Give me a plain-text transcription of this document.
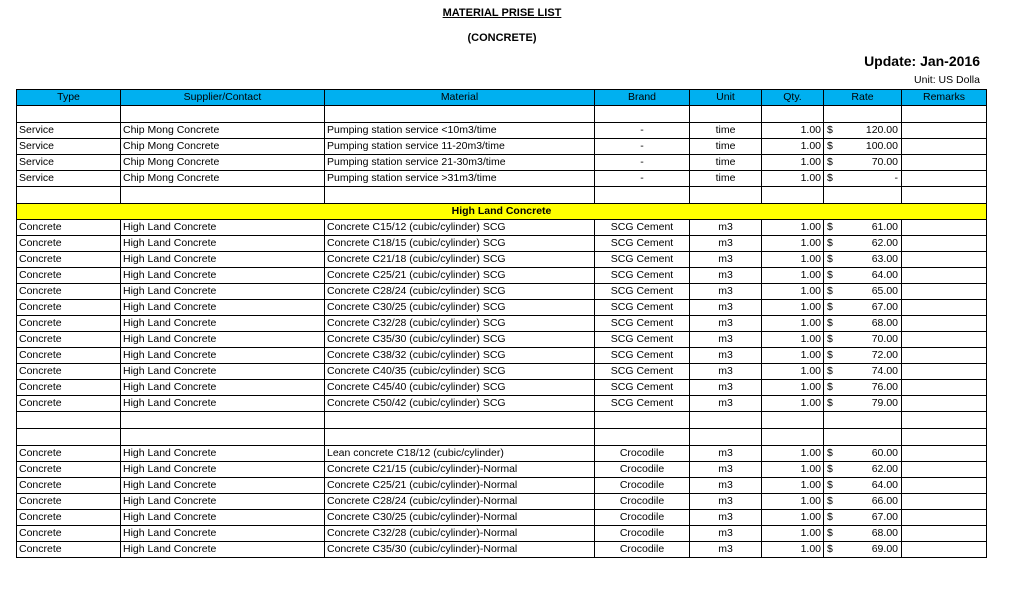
MATERIAL PRISE LIST
(CONCRETE)
Update: Jan-2016
Unit: US Dolla
Type	Supplier/Contact	Material	Brand	Unit	Qty.	Rate		Remarks

Service	Chip Mong Concrete	Pumping station service <10m3/time	-	time	1.00	$	120.00	
Service	Chip Mong Concrete	Pumping station service 11-20m3/time	-	time	1.00	$	100.00	
Service	Chip Mong Concrete	Pumping station service 21-30m3/time	-	time	1.00	$	70.00	
Service	Chip Mong Concrete	Pumping station service >31m3/time	-	time	1.00	$	-	

High Land Concrete								
Concrete	High Land Concrete	Concrete C15/12 (cubic/cylinder) SCG	SCG Cement	m3	1.00	$	61.00	
Concrete	High Land Concrete	Concrete C18/15 (cubic/cylinder) SCG	SCG Cement	m3	1.00	$	62.00	
Concrete	High Land Concrete	Concrete C21/18 (cubic/cylinder) SCG	SCG Cement	m3	1.00	$	63.00	
Concrete	High Land Concrete	Concrete C25/21 (cubic/cylinder) SCG	SCG Cement	m3	1.00	$	64.00	
Concrete	High Land Concrete	Concrete C28/24 (cubic/cylinder) SCG	SCG Cement	m3	1.00	$	65.00	
Concrete	High Land Concrete	Concrete C30/25 (cubic/cylinder) SCG	SCG Cement	m3	1.00	$	67.00	
Concrete	High Land Concrete	Concrete C32/28 (cubic/cylinder) SCG	SCG Cement	m3	1.00	$	68.00	
Concrete	High Land Concrete	Concrete C35/30 (cubic/cylinder) SCG	SCG Cement	m3	1.00	$	70.00	
Concrete	High Land Concrete	Concrete C38/32 (cubic/cylinder) SCG	SCG Cement	m3	1.00	$	72.00	
Concrete	High Land Concrete	Concrete C40/35 (cubic/cylinder) SCG	SCG Cement	m3	1.00	$	74.00	
Concrete	High Land Concrete	Concrete C45/40 (cubic/cylinder) SCG	SCG Cement	m3	1.00	$	76.00	
Concrete	High Land Concrete	Concrete C50/42 (cubic/cylinder) SCG	SCG Cement	m3	1.00	$	79.00	

Concrete	High Land Concrete	Lean concrete C18/12 (cubic/cylinder)	Crocodile	m3	1.00	$	60.00	
Concrete	High Land Concrete	Concrete C21/15 (cubic/cylinder)-Normal	Crocodile	m3	1.00	$	62.00	
Concrete	High Land Concrete	Concrete C25/21 (cubic/cylinder)-Normal	Crocodile	m3	1.00	$	64.00	
Concrete	High Land Concrete	Concrete C28/24 (cubic/cylinder)-Normal	Crocodile	m3	1.00	$	66.00	
Concrete	High Land Concrete	Concrete C30/25 (cubic/cylinder)-Normal	Crocodile	m3	1.00	$	67.00	
Concrete	High Land Concrete	Concrete C32/28 (cubic/cylinder)-Normal	Crocodile	m3	1.00	$	68.00	
Concrete	High Land Concrete	Concrete C35/30 (cubic/cylinder)-Normal	Crocodile	m3	1.00	$	69.00	
